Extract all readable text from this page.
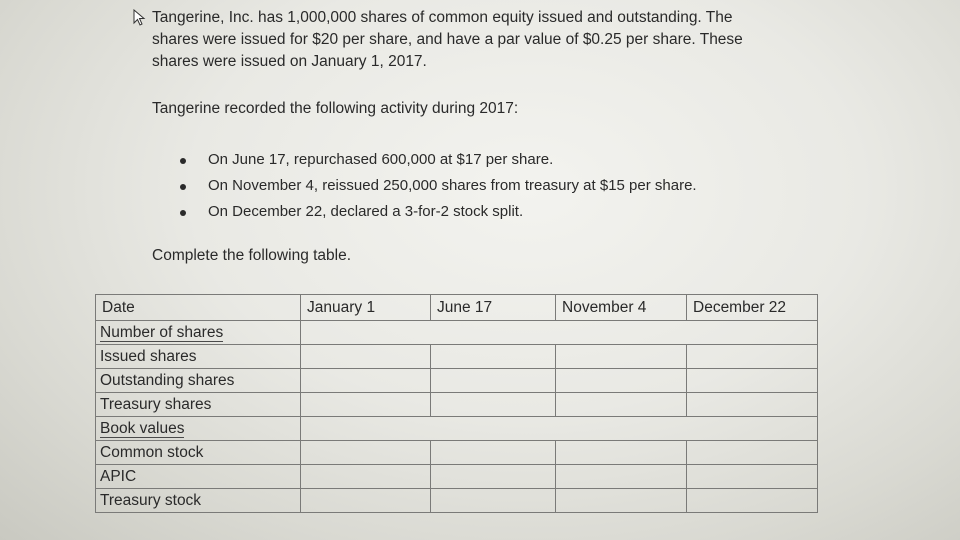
Tangerine, Inc. has 1,000,000 shares of common equity issued and outstanding. The

shares were issued for $20 per share, and have a par value of $0.25 per share. These

shares were issued on January 1, 2017.

Tangerine recorded the following activity during 2017:

On June 17, repurchased 600,000 at $17 per share.
On November 4, reissued 250,000 shares from treasury at $15 per share.
On December 22, declared a 3-for-2 stock split.

Complete the following table.

Date	January 1	June 17	November 4	December 22
Number of shares				
Issued shares				
Outstanding shares				
Treasury shares				
Book values				
Common stock				
APIC				
Treasury stock				
